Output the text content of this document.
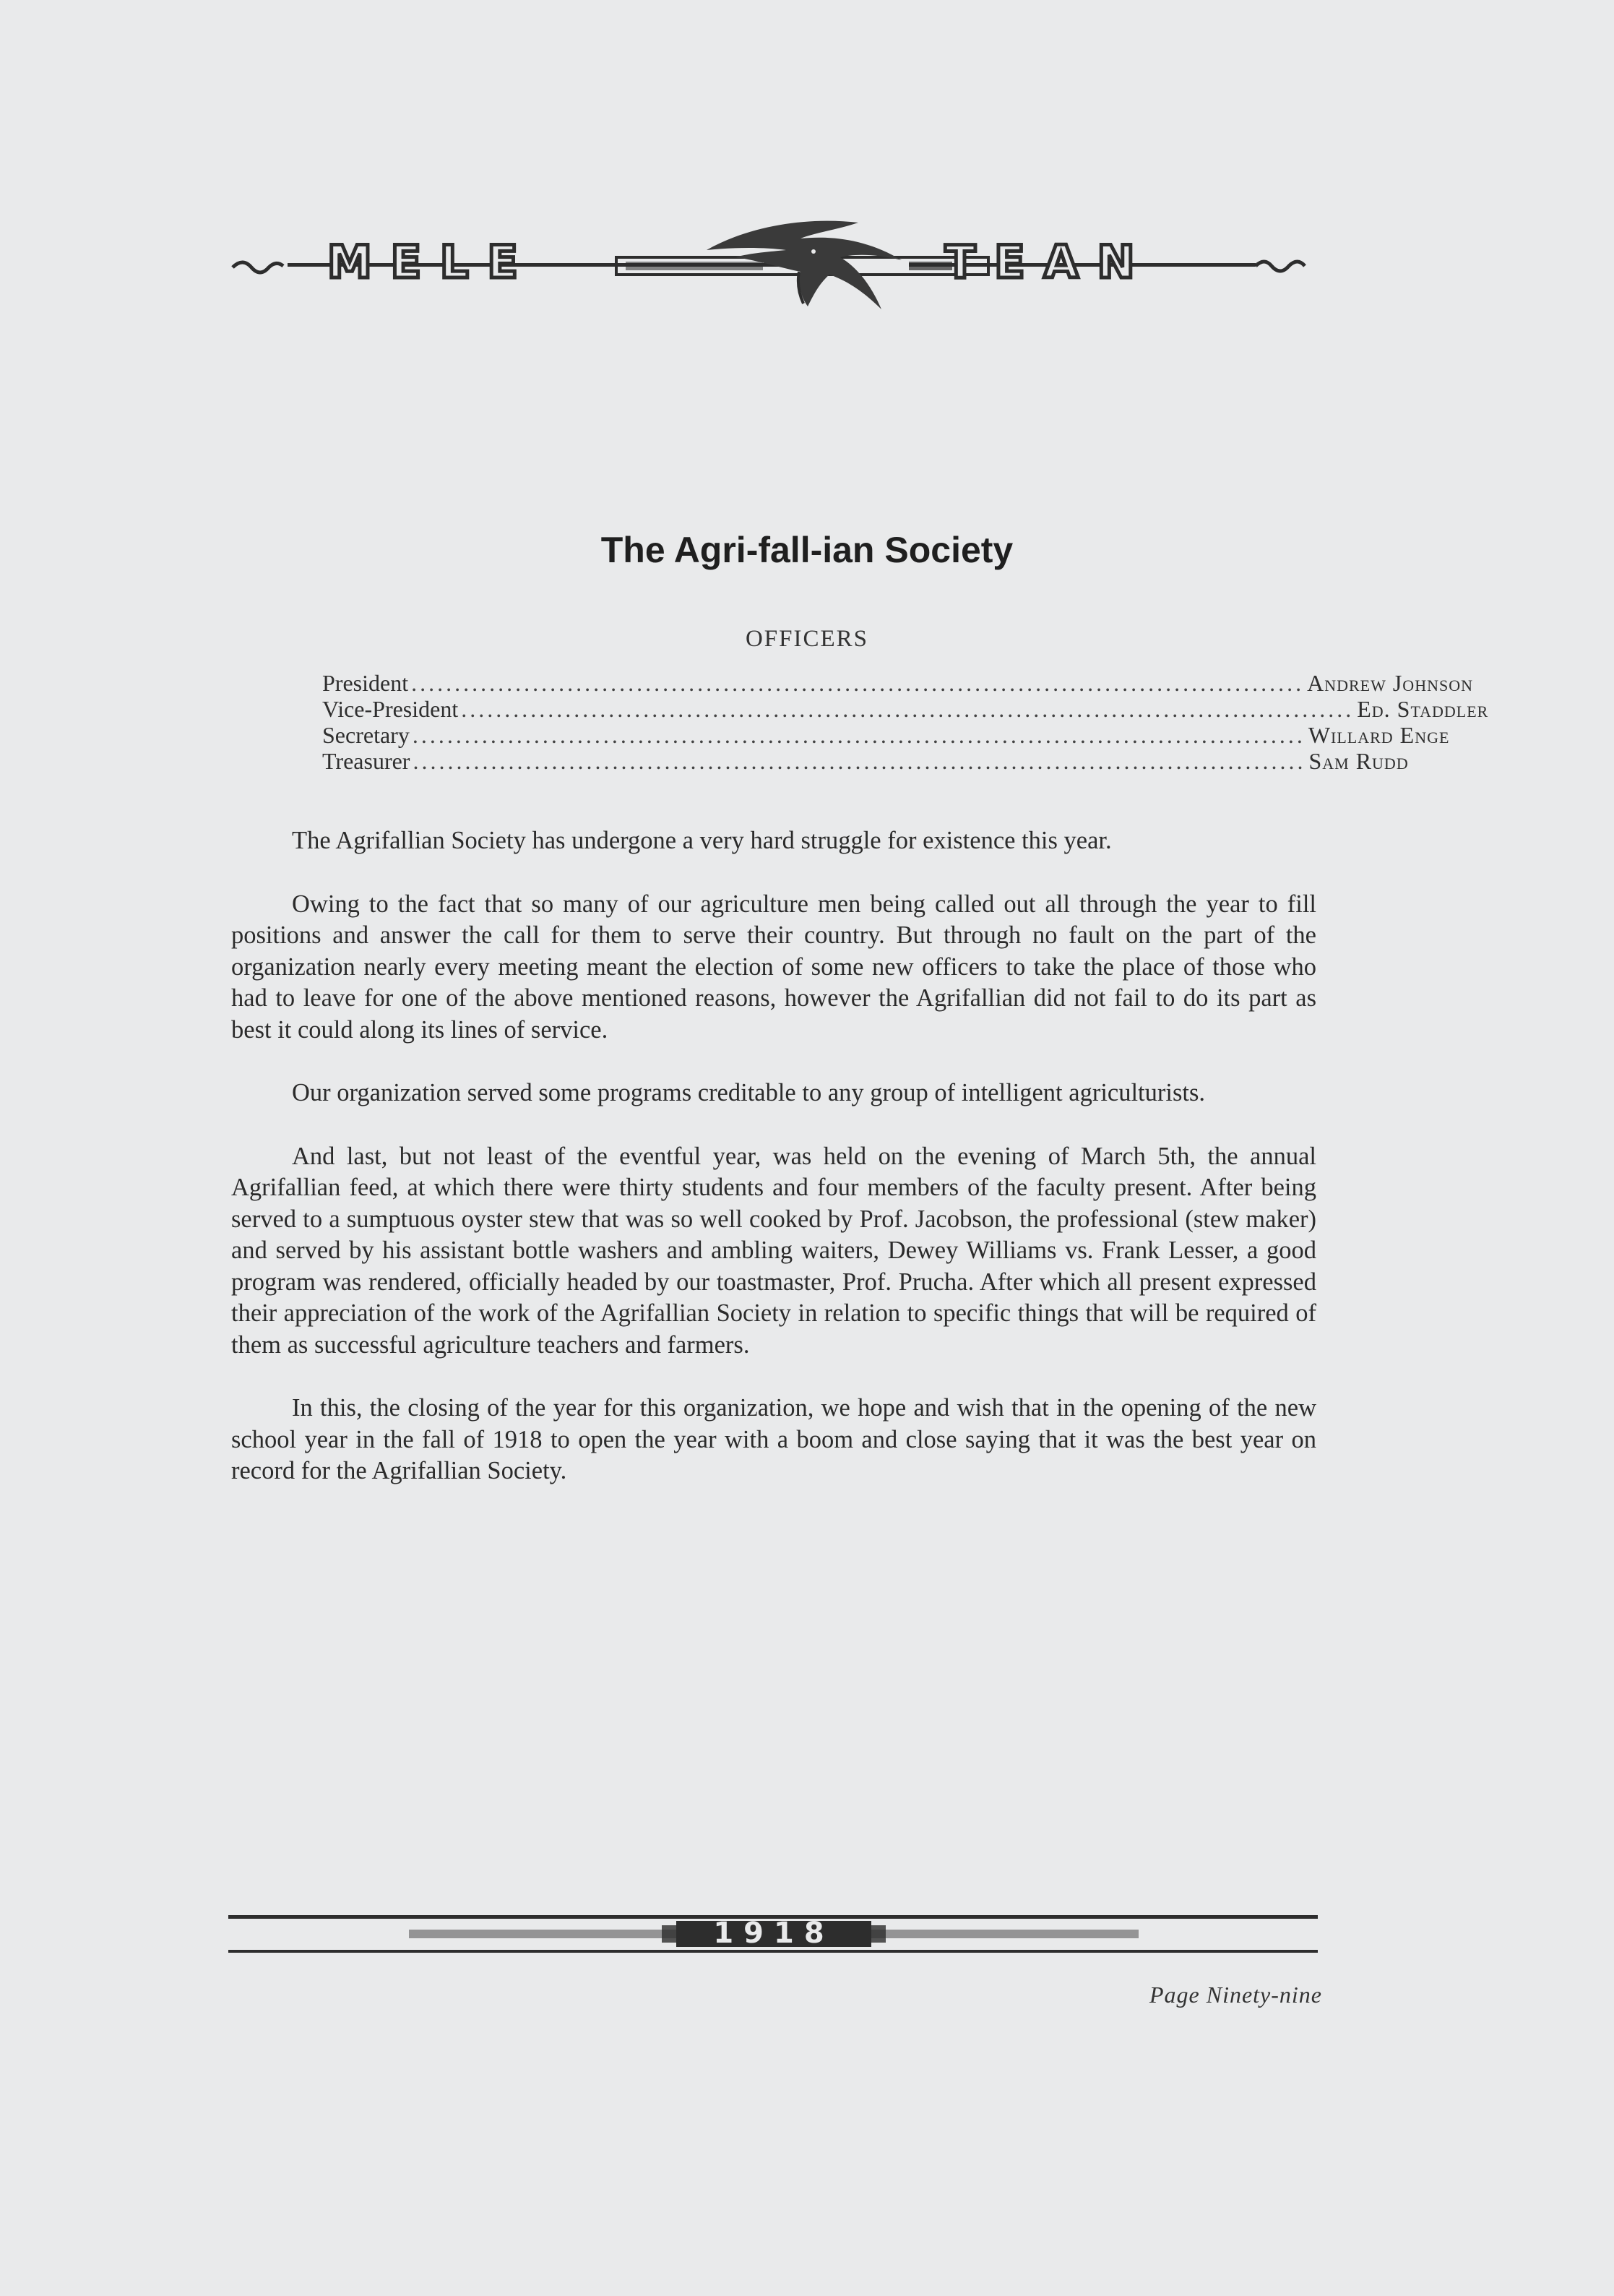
MELE	TEAN
The Agri-fall-ian Society
OFFICERS
President ....................................................................................................... Andrew Johnson
Vice-President ....................................................................................................... Ed. Staddler
Secretary ....................................................................................................... Willard Enge
Treasurer ....................................................................................................... Sam Rudd

The Agrifallian Society has undergone a very hard struggle for existence this year.

Owing to the fact that so many of our agriculture men being called out all through the year to fill positions and answer the call for them to serve their country. But through no fault on the part of the organization nearly every meeting meant the election of some new officers to take the place of those who had to leave for one of the above mentioned reasons, however the Agrifallian did not fail to do its part as best it could along its lines of service.

Our organization served some programs creditable to any group of intelligent agriculturists.

And last, but not least of the eventful year, was held on the evening of March 5th, the annual Agrifallian feed, at which there were thirty students and four members of the faculty present. After being served to a sumptuous oyster stew that was so well cooked by Prof. Jacobson, the professional (stew maker) and served by his assistant bottle washers and ambling waiters, Dewey Williams vs. Frank Lesser, a good program was rendered, officially headed by our toastmaster, Prof. Prucha. After which all present expressed their appreciation of the work of the Agrifallian Society in relation to specific things that will be required of them as successful agriculture teachers and farmers.

In this, the closing of the year for this organization, we hope and wish that in the opening of the new school year in the fall of 1918 to open the year with a boom and close saying that it was the best year on record for the Agrifallian Society.

1918
Page Ninety-nine
